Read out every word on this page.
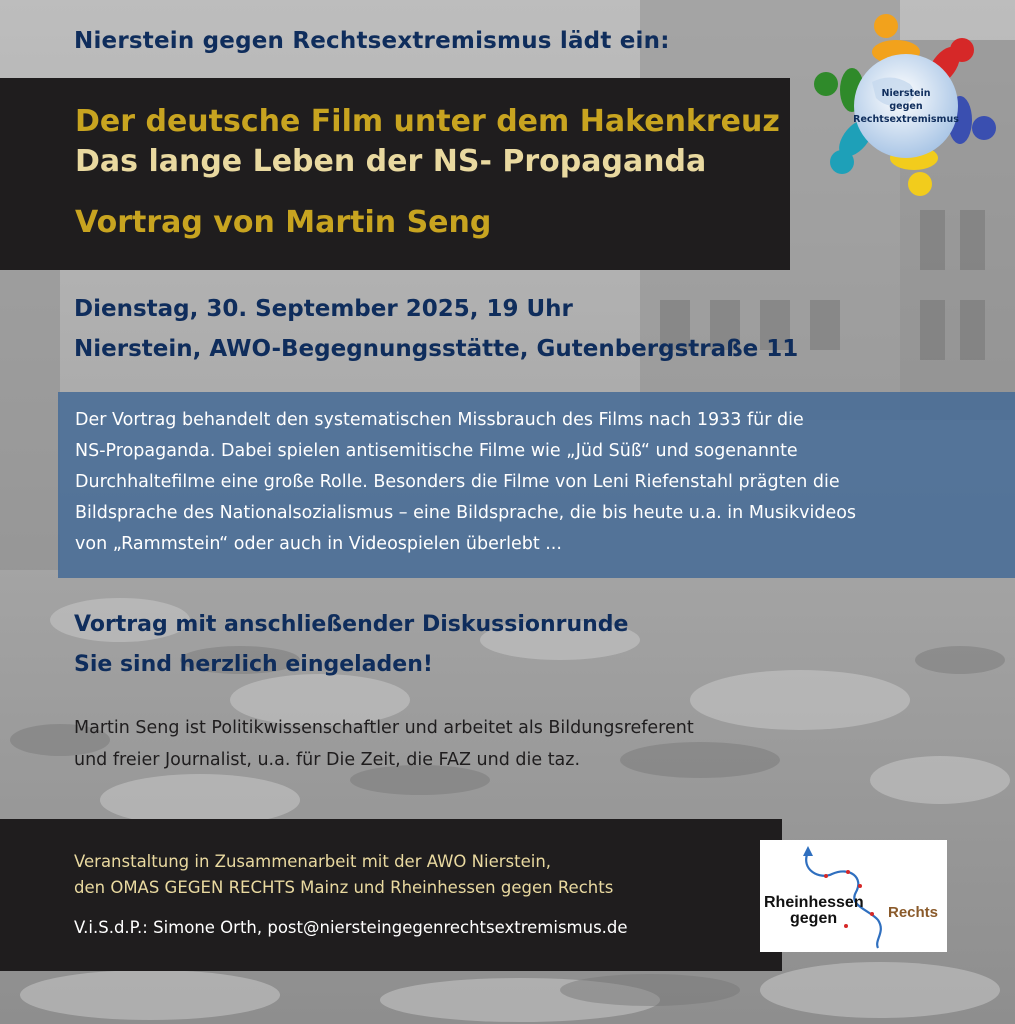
Nierstein gegen Rechtsextremismus lädt ein:
Der deutsche Film unter dem Hakenkreuz
Das lange Leben der NS- Propaganda
Vortrag von Martin Seng
Nierstein
gegen
Rechtsextremismus
Dienstag, 30. September 2025, 19 Uhr
Nierstein, AWO-Begegnungsstätte, Gutenbergstraße 11
Der Vortrag behandelt den systematischen Missbrauch des Films nach 1933 für die
NS-Propaganda. Dabei spielen antisemitische Filme wie „Jüd Süß“ und sogenannte
Durchhaltefilme eine große Rolle. Besonders die Filme von Leni Riefenstahl prägten die
Bildsprache des Nationalsozialismus – eine Bildsprache, die bis heute u.a. in Musikvideos
von „Rammstein“ oder auch in Videospielen überlebt ...
Vortrag mit anschließender Diskussionrunde
Sie sind herzlich eingeladen!
Martin Seng ist Politikwissenschaftler und arbeitet als Bildungsreferent
und freier Journalist, u.a. für Die Zeit, die FAZ und die taz.
Veranstaltung in Zusammenarbeit mit der AWO Nierstein,
den OMAS GEGEN RECHTS Mainz und Rheinhessen gegen Rechts
V.i.S.d.P.: Simone Orth, post@niersteingegenrechtsextremismus.de
Rheinhessen
gegen	Rechts
